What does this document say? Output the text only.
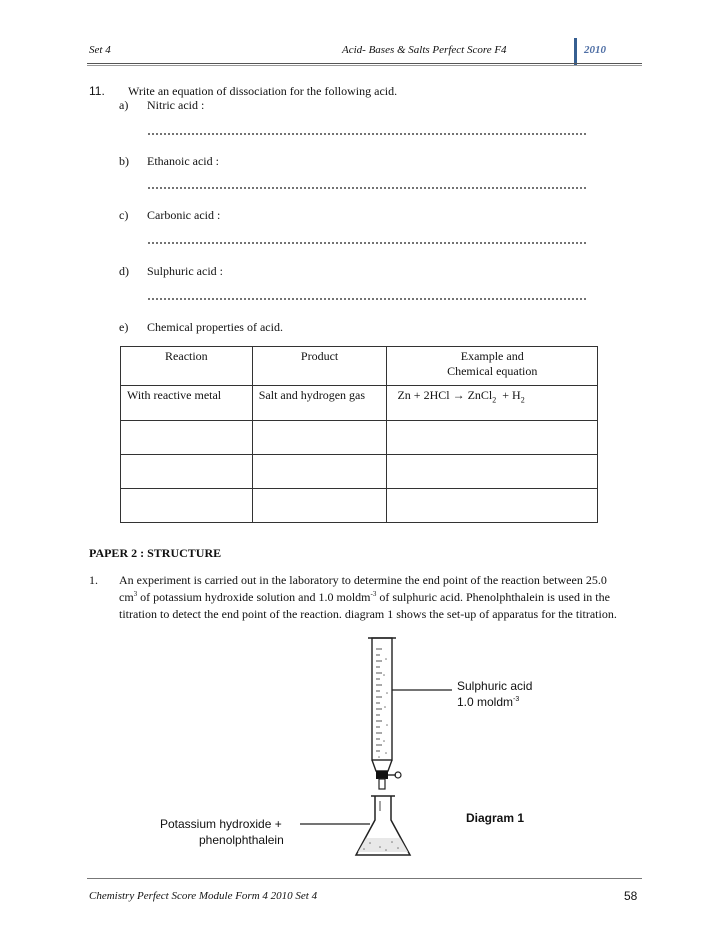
Set 4	Acid- Bases & Salts Perfect Score F4	2010
11. Write an equation of dissociation for the following acid.
a) Nitric acid :
b) Ethanoic acid :
c) Carbonic acid :
d) Sulphuric acid :
e) Chemical properties of acid.
Reaction	Product	Example and
Chemical equation
With reactive metal	Salt and hydrogen gas	Zn + 2HCl → ZnCl$_2$ + $H_2$

PAPER 2 : STRUCTURE
1. An experiment is carried out in the laboratory to determine the end point of the reaction between 25.0
$cm^3$ of potassium hydroxide solution and 1.0 moldm$^{-3}$ of sulphuric acid. Phenolphthalein is used in the
titration to detect the end point of the reaction. diagram 1 shows the set-up of apparatus for the titration.
Sulphuric acid
1.0 moldm$^{-3}$
Diagram 1
Potassium hydroxide +
phenolphthalein
Chemistry Perfect Score Module Form 4 2010 Set 4	58
